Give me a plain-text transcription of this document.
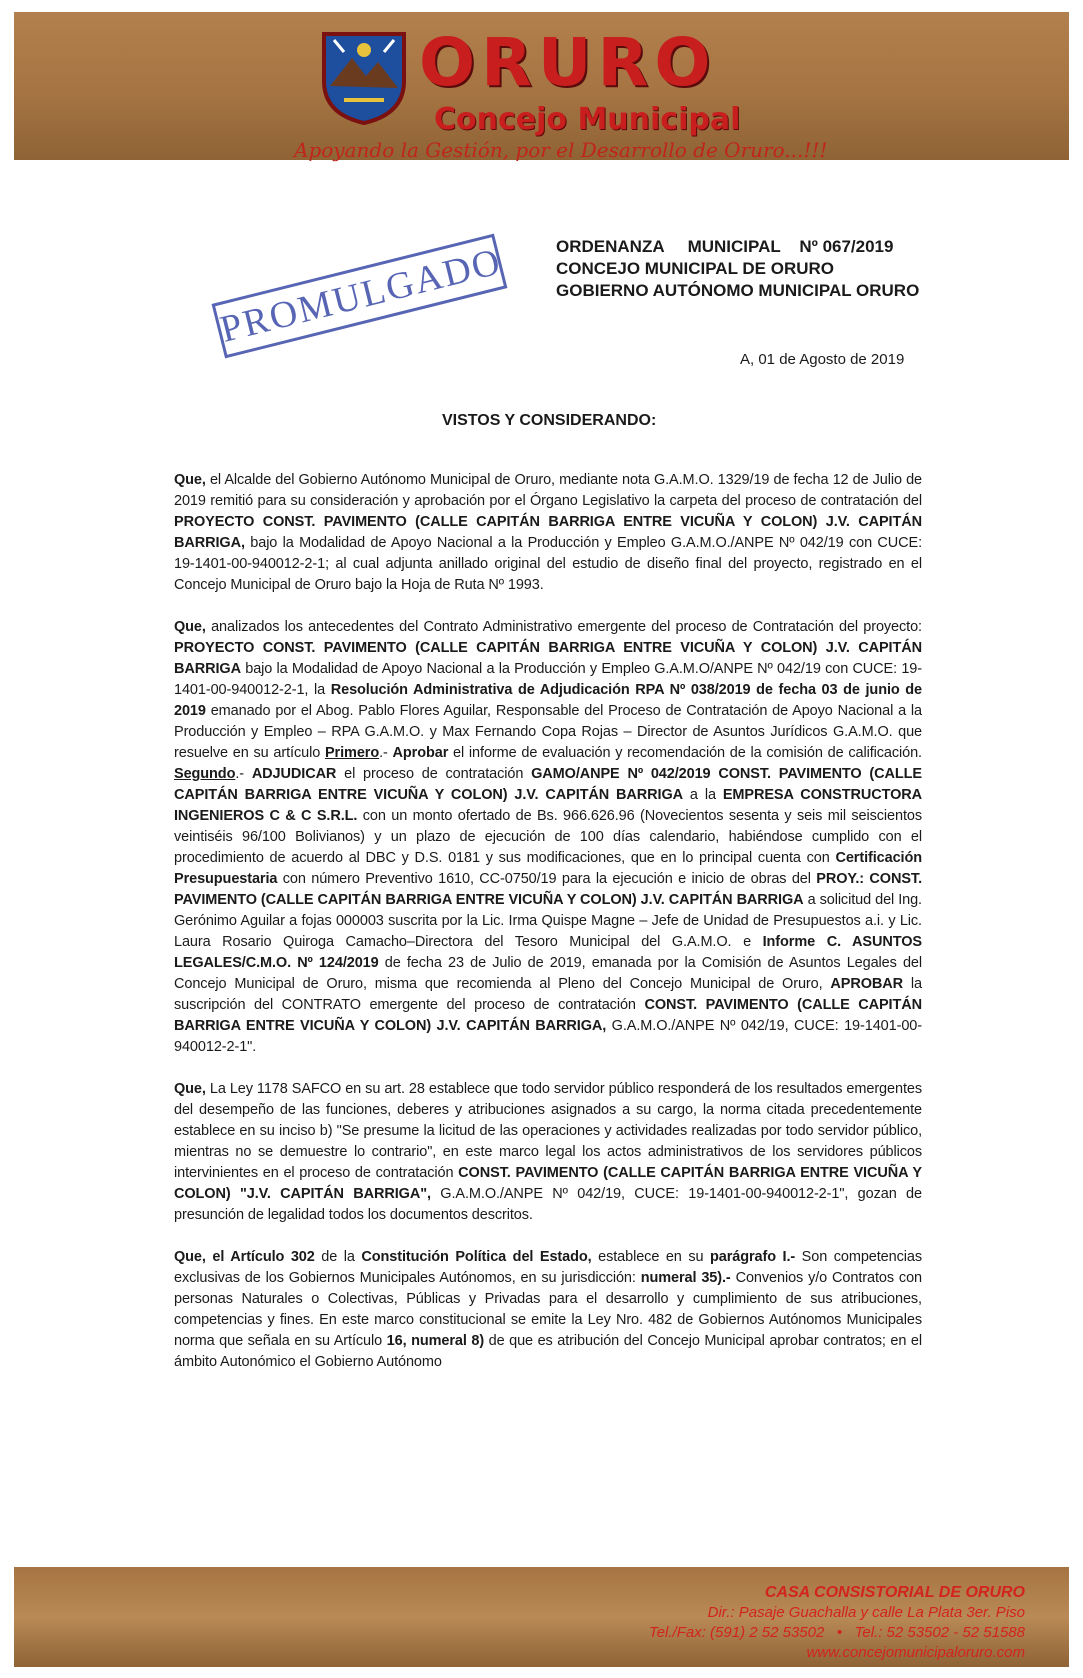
ORURO
Concejo Municipal
Apoyando la Gestión, por el Desarrollo de Oruro...!!!
PROMULGADO	ORDENANZA     MUNICIPAL    Nº 067/2019
CONCEJO MUNICIPAL DE ORURO
GOBIERNO AUTÓNOMO MUNICIPAL ORURO
A, 01 de Agosto de 2019
VISTOS Y CONSIDERANDO:

Que, el Alcalde del Gobierno Autónomo Municipal de Oruro, mediante nota G.A.M.O. 1329/19 de fecha 12 de Julio de 2019 remitió para su consideración y aprobación por el Órgano Legislativo la carpeta del proceso de contratación del PROYECTO CONST. PAVIMENTO (CALLE CAPITÁN BARRIGA ENTRE VICUÑA Y COLON) J.V. CAPITÁN BARRIGA, bajo la Modalidad de Apoyo Nacional a la Producción y Empleo G.A.M.O./ANPE Nº 042/19 con CUCE: 19-1401-00-940012-2-1; al cual adjunta anillado original del estudio de diseño final del proyecto, registrado en el Concejo Municipal de Oruro bajo la Hoja de Ruta Nº 1993.

Que, analizados los antecedentes del Contrato Administrativo emergente del proceso de Contratación del proyecto: PROYECTO CONST. PAVIMENTO (CALLE CAPITÁN BARRIGA ENTRE VICUÑA Y COLON) J.V. CAPITÁN BARRIGA bajo la Modalidad de Apoyo Nacional a la Producción y Empleo G.A.M.O/ANPE Nº 042/19 con CUCE: 19-1401-00-940012-2-1, la Resolución Administrativa de Adjudicación RPA Nº 038/2019 de fecha 03 de junio de 2019 emanado por el Abog. Pablo Flores Aguilar, Responsable del Proceso de Contratación de Apoyo Nacional a la Producción y Empleo – RPA G.A.M.O. y Max Fernando Copa Rojas – Director de Asuntos Jurídicos G.A.M.O. que resuelve en su artículo Primero.- Aprobar el informe de evaluación y recomendación de la comisión de calificación. Segundo.- ADJUDICAR el proceso de contratación GAMO/ANPE Nº 042/2019 CONST. PAVIMENTO (CALLE CAPITÁN BARRIGA ENTRE VICUÑA Y COLON) J.V. CAPITÁN BARRIGA a la EMPRESA CONSTRUCTORA INGENIEROS C & C S.R.L. con un monto ofertado de Bs. 966.626.96 (Novecientos sesenta y seis mil seiscientos veintiséis 96/100 Bolivianos) y un plazo de ejecución de 100 días calendario, habiéndose cumplido con el procedimiento de acuerdo al DBC y D.S. 0181 y sus modificaciones, que en lo principal cuenta con Certificación Presupuestaria con número Preventivo 1610, CC-0750/19 para la ejecución e inicio de obras del PROY.: CONST. PAVIMENTO (CALLE CAPITÁN BARRIGA ENTRE VICUÑA Y COLON) J.V. CAPITÁN BARRIGA a solicitud del Ing. Gerónimo Aguilar a fojas 000003 suscrita por la Lic. Irma Quispe Magne – Jefe de Unidad de Presupuestos a.i. y Lic. Laura Rosario Quiroga Camacho–Directora del Tesoro Municipal del G.A.M.O. e Informe C. ASUNTOS LEGALES/C.M.O. Nº 124/2019 de fecha 23 de Julio de 2019, emanada por la Comisión de Asuntos Legales del Concejo Municipal de Oruro, misma que recomienda al Pleno del Concejo Municipal de Oruro, APROBAR la suscripción del CONTRATO emergente del proceso de contratación CONST. PAVIMENTO (CALLE CAPITÁN BARRIGA ENTRE VICUÑA Y COLON) J.V. CAPITÁN BARRIGA, G.A.M.O./ANPE Nº 042/19, CUCE: 19-1401-00-940012-2-1".

Que, La Ley 1178 SAFCO en su art. 28 establece que todo servidor público responderá de los resultados emergentes del desempeño de las funciones, deberes y atribuciones asignados a su cargo, la norma citada precedentemente establece en su inciso b) "Se presume la licitud de las operaciones y actividades realizadas por todo servidor público, mientras no se demuestre lo contrario", en este marco legal los actos administrativos de los servidores públicos intervinientes en el proceso de contratación CONST. PAVIMENTO (CALLE CAPITÁN BARRIGA ENTRE VICUÑA Y COLON) "J.V. CAPITÁN BARRIGA", G.A.M.O./ANPE Nº 042/19, CUCE: 19-1401-00-940012-2-1", gozan de presunción de legalidad todos los documentos descritos.

Que, el Artículo 302 de la Constitución Política del Estado, establece en su parágrafo I.- Son competencias exclusivas de los Gobiernos Municipales Autónomos, en su jurisdicción: numeral 35).- Convenios y/o Contratos con personas Naturales o Colectivas, Públicas y Privadas para el desarrollo y cumplimiento de sus atribuciones, competencias y fines. En este marco constitucional se emite la Ley Nro. 482 de Gobiernos Autónomos Municipales norma que señala en su Artículo 16, numeral 8) de que es atribución del Concejo Municipal aprobar contratos; en el ámbito Autonómico el Gobierno Autónomo

CASA CONSISTORIAL DE ORURO
Dir.: Pasaje Guachalla y calle La Plata 3er. Piso
Tel./Fax: (591) 2 52 53502   •   Tel.: 52 53502 - 52 51588
www.concejomunicipaloruro.com
